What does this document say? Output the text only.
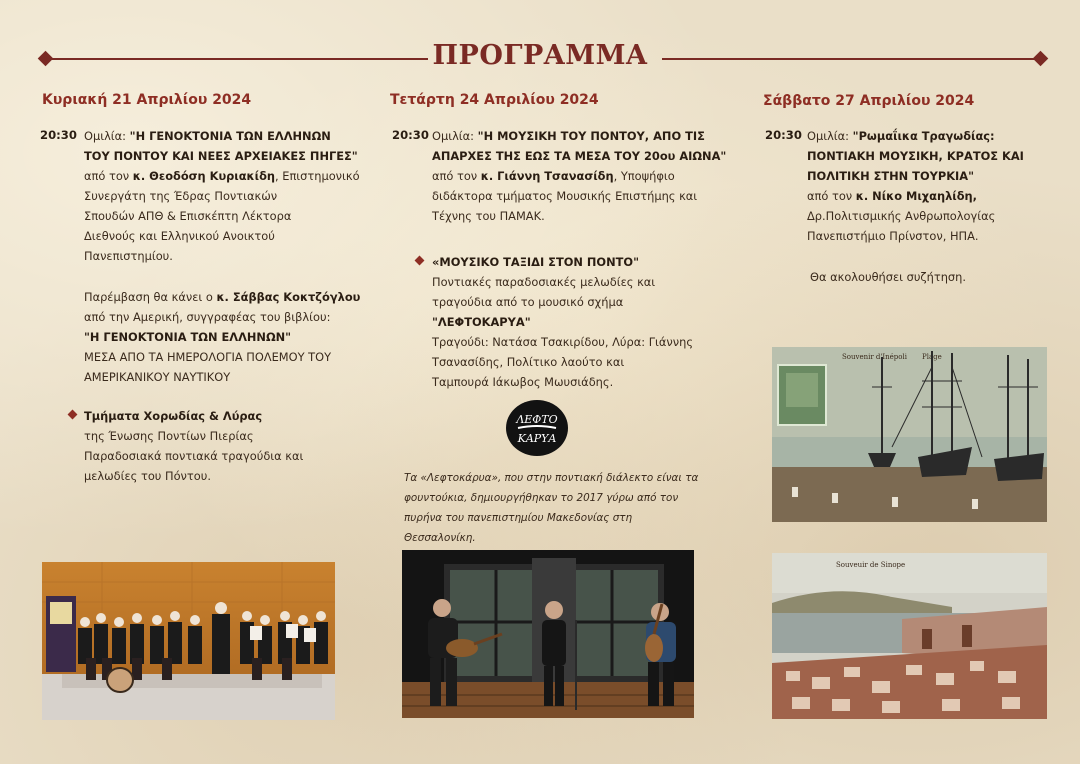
ΠΡΟΓΡΑΜΜΑ
Κυριακή 21 Απριλίου 2024
20:30 Ομιλία: "Η ΓΕΝΟΚΤΟΝΙΑ ΤΩΝ ΕΛΛΗΝΩΝ
ΤΟΥ ΠΟΝΤΟΥ ΚΑΙ ΝΕΕΣ ΑΡΧΕΙΑΚΕΣ ΠΗΓΕΣ"
από τον κ. Θεοδόση Κυριακίδη, Επιστημονικό
Συνεργάτη της Έδρας Ποντιακών
Σπουδών ΑΠΘ & Επισκέπτη Λέκτορα
Διεθνούς και Ελληνικού Ανοικτού
Πανεπιστημίου.
Παρέμβαση θα κάνει ο κ. Σάββας Κοκτζόγλου
από την Αμερική, συγγραφέας του βιβλίου:
"Η ΓΕΝΟΚΤΟΝΙΑ ΤΩΝ ΕΛΛΗΝΩΝ"
ΜΕΣΑ ΑΠΟ ΤΑ ΗΜΕΡΟΛΟΓΙΑ ΠΟΛΕΜΟΥ ΤΟΥ
ΑΜΕΡΙΚΑΝΙΚΟΥ ΝΑΥΤΙΚΟΥ
Τμήματα Χορωδίας & Λύρας
της Ένωσης Ποντίων Πιερίας
Παραδοσιακά ποντιακά τραγούδια και
μελωδίες του Πόντου.
Τετάρτη 24 Απριλίου 2024
20:30 Ομιλία: "Η ΜΟΥΣΙΚΗ ΤΟΥ ΠΟΝΤΟΥ, ΑΠΟ ΤΙΣ
ΑΠΑΡΧΕΣ ΤΗΣ ΕΩΣ ΤΑ ΜΕΣΑ ΤΟΥ 20ου ΑΙΩΝΑ"
από τον κ. Γιάννη Τσανασίδη, Υποψήφιο
διδάκτορα τμήματος Μουσικής Επιστήμης και
Τέχνης του ΠΑΜΑΚ.
«ΜΟΥΣΙΚΟ ΤΑΞΙΔΙ ΣΤΟΝ ΠΟΝΤΟ"
Ποντιακές παραδοσιακές μελωδίες και
τραγούδια από το μουσικό σχήμα
"ΛΕΦΤΟΚΑΡΥΑ"
Τραγούδι: Νατάσα Τσακιρίδου, Λύρα: Γιάννης
Τσανασίδης, Πολίτικο λαούτο και
Ταμπουρά Ιάκωβος Μωυσιάδης.
ΛΕΦΤΟ
ΚΑΡΥΑ
Τα «Λεφτοκάρυα», που στην ποντιακή διάλεκτο είναι τα
φουντούκια, δημιουργήθηκαν το 2017 γύρω από τον
πυρήνα του πανεπιστημίου Μακεδονίας στη Θεσσαλονίκη.
Σάββατο 27 Απριλίου 2024
20:30 Ομιλία: "Ρωμαΐικα Τραγωδίας:
ΠΟΝΤΙΑΚΗ ΜΟΥΣΙΚΗ, ΚΡΑΤΟΣ ΚΑΙ
ΠΟΛΙΤΙΚΗ ΣΤΗΝ ΤΟΥΡΚΙΑ"
από τον κ. Νίκο Μιχαηλίδη,
Δρ.Πολιτισμικής Ανθρωπολογίας
Πανεπιστήμιο Πρίνστον, ΗΠΑ.
Θα ακολουθήσει συζήτηση.
Souvenir d'Inépoli Plage
Souveuir de Sinope
